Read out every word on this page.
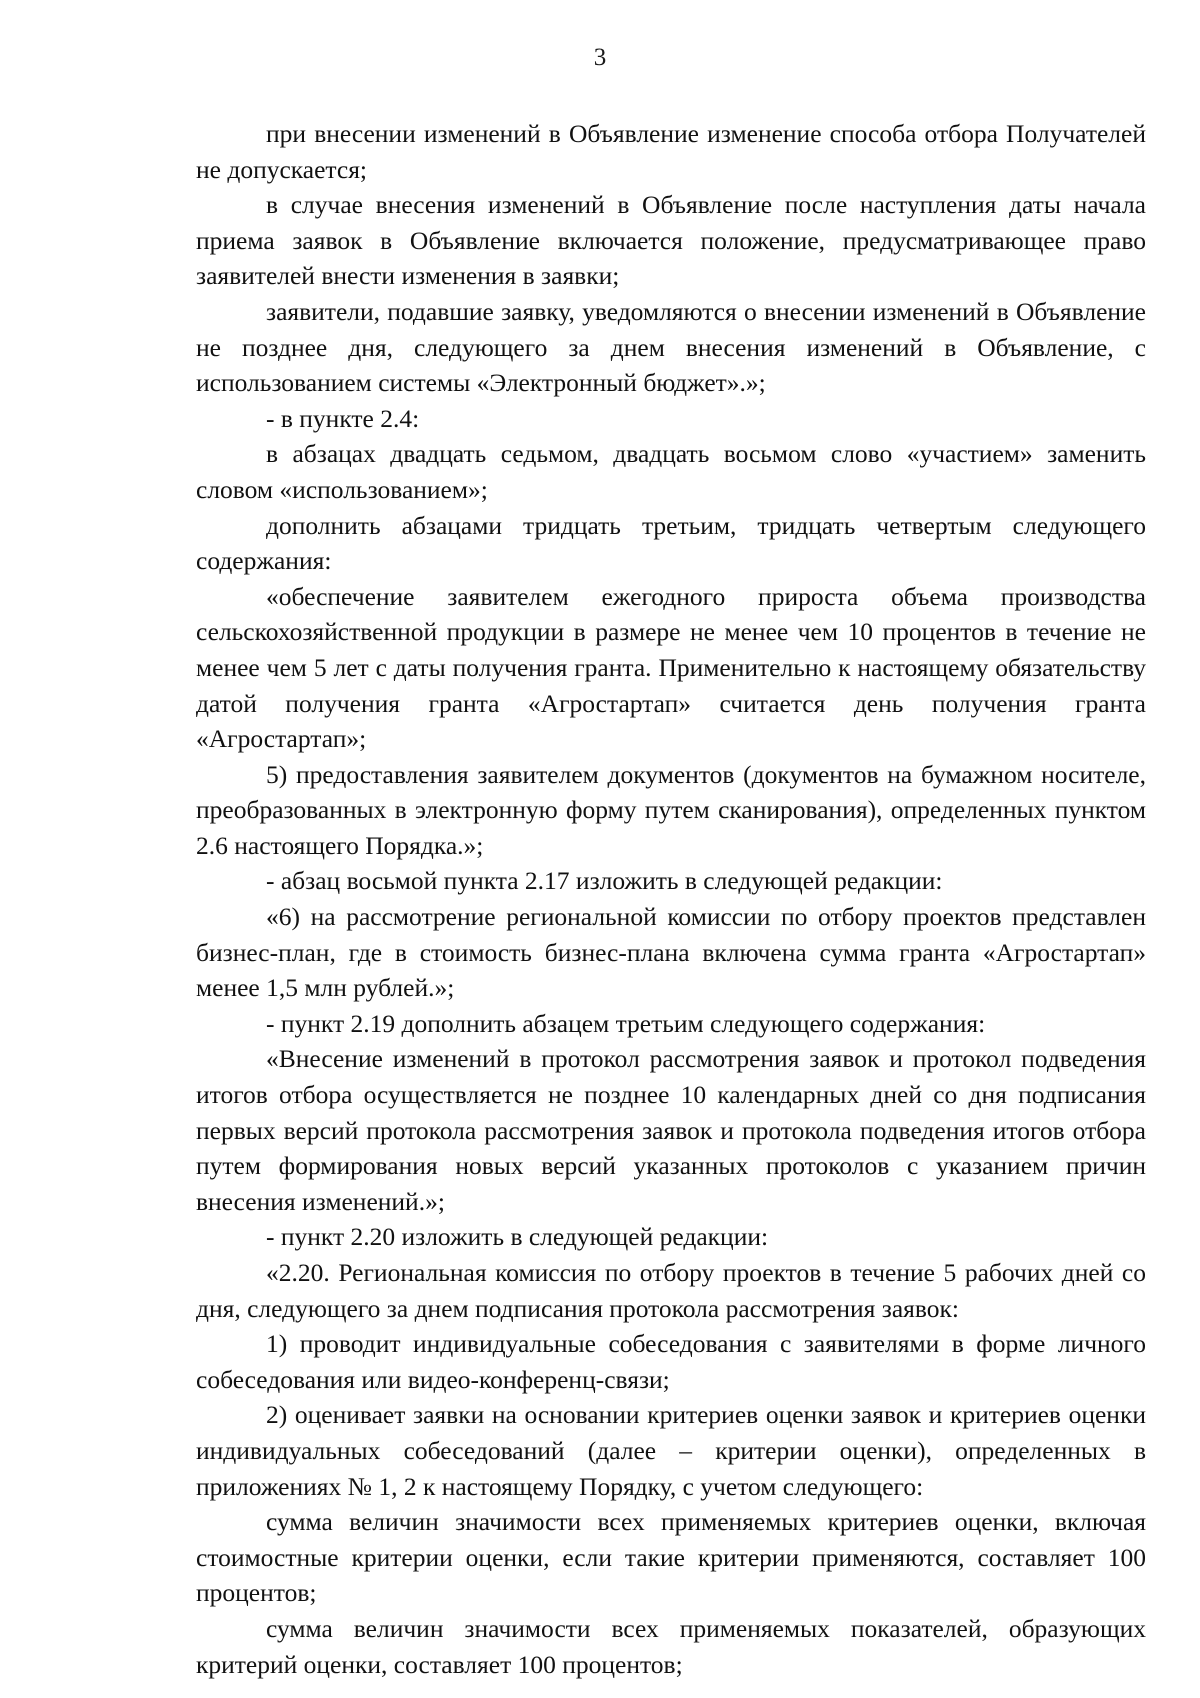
3

при внесении изменений в Объявление изменение способа отбора Получателей не допускается;

в случае внесения изменений в Объявление после наступления даты начала приема заявок в Объявление включается положение, предусматривающее право заявителей внести изменения в заявки;

заявители, подавшие заявку, уведомляются о внесении изменений в Объявление не позднее дня, следующего за днем внесения изменений в Объявление, с использованием системы «Электронный бюджет».»;

- в пункте 2.4:

в абзацах двадцать седьмом, двадцать восьмом слово «участием» заменить словом «использованием»;

дополнить абзацами тридцать третьим, тридцать четвертым следующего содержания:

«обеспечение заявителем ежегодного прироста объема производства сельскохозяйственной продукции в размере не менее чем 10 процентов в течение не менее чем 5 лет с даты получения гранта. Применительно к настоящему обязательству датой получения гранта «Агростартап» считается день получения гранта «Агростартап»;

5) предоставления заявителем документов (документов на бумажном носителе, преобразованных в электронную форму путем сканирования), определенных пунктом 2.6 настоящего Порядка.»;

- абзац восьмой пункта 2.17 изложить в следующей редакции:

«6) на рассмотрение региональной комиссии по отбору проектов представлен бизнес-план, где в стоимость бизнес-плана включена сумма гранта «Агростартап» менее 1,5 млн рублей.»;

- пункт 2.19 дополнить абзацем третьим следующего содержания:

«Внесение изменений в протокол рассмотрения заявок и протокол подведения итогов отбора осуществляется не позднее 10 календарных дней со дня подписания первых версий протокола рассмотрения заявок и протокола подведения итогов отбора путем формирования новых версий указанных протоколов с указанием причин внесения изменений.»;

- пункт 2.20 изложить в следующей редакции:

«2.20. Региональная комиссия по отбору проектов в течение 5 рабочих дней со дня, следующего за днем подписания протокола рассмотрения заявок:

1) проводит индивидуальные собеседования с заявителями в форме личного собеседования или видео-конференц-связи;

2) оценивает заявки на основании критериев оценки заявок и критериев оценки индивидуальных собеседований (далее – критерии оценки), определенных в приложениях № 1, 2 к настоящему Порядку, с учетом следующего:

сумма величин значимости всех применяемых критериев оценки, включая стоимостные критерии оценки, если такие критерии применяются, составляет 100 процентов;

сумма величин значимости всех применяемых показателей, образующих критерий оценки, составляет 100 процентов;
